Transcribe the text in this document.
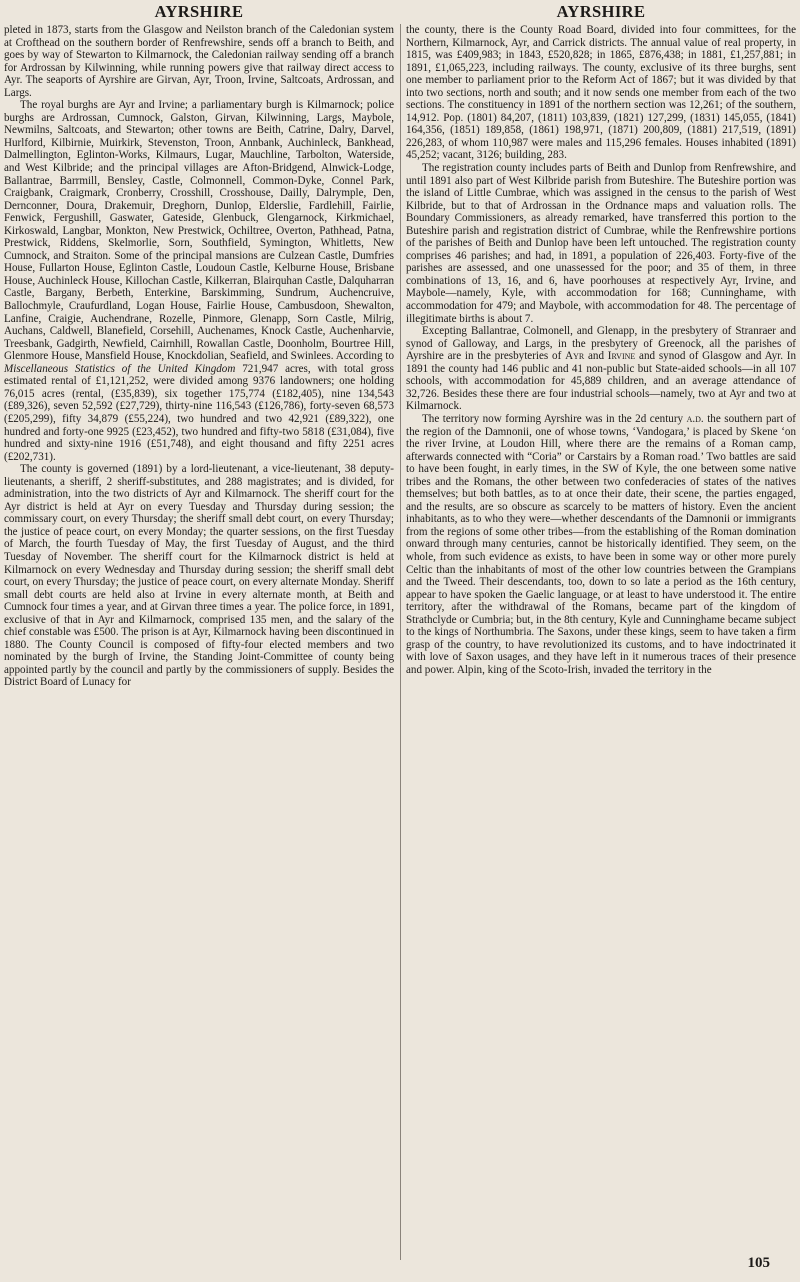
AYRSHIRE

pleted in 1873, starts from the Glasgow and Neilston branch of the Caledonian system at Crofthead on the southern border of Renfrewshire, sends off a branch to Beith, and goes by way of Stewarton to Kilmarnock, the Caledonian railway sending off a branch for Ardrossan by Kilwinning, while running powers give that railway direct access to Ayr. The seaports of Ayrshire are Girvan, Ayr, Troon, Irvine, Saltcoats, Ardrossan, and Largs.

The royal burghs are Ayr and Irvine; a parliamentary burgh is Kilmarnock; police burghs are Ardrossan, Cumnock, Galston, Girvan, Kilwinning, Largs, Maybole, Newmilns, Saltcoats, and Stewarton; other towns are Beith, Catrine, Dalry, Darvel, Hurlford, Kilbirnie, Muirkirk, Stevenston, Troon, Annbank, Auchinleck, Bankhead, Dalmellington, Eglinton-Works, Kilmaurs, Lugar, Mauchline, Tarbolton, Waterside, and West Kilbride; and the principal villages are Afton-Bridgend, Alnwick-Lodge, Ballantrae, Barrmill, Bensley, Castle, Colmonnell, Common-Dyke, Connel Park, Craigbank, Craigmark, Cronberry, Crosshill, Crosshouse, Dailly, Dalrymple, Den, Dernconner, Doura, Drakemuir, Dreghorn, Dunlop, Elderslie, Fardlehill, Fairlie, Fenwick, Fergushill, Gaswater, Gateside, Glenbuck, Glengarnock, Kirkmichael, Kirkoswald, Langbar, Monkton, New Prestwick, Ochiltree, Overton, Pathhead, Patna, Prestwick, Riddens, Skelmorlie, Sorn, Southfield, Symington, Whitletts, New Cumnock, and Straiton. Some of the principal mansions are Culzean Castle, Dumfries House, Fullarton House, Eglinton Castle, Loudoun Castle, Kelburne House, Brisbane House, Auchinleck House, Killochan Castle, Kilkerran, Blairquhan Castle, Dalquharran Castle, Bargany, Berbeth, Enterkine, Barskimming, Sundrum, Auchencruive, Ballochmyle, Craufurdland, Logan House, Fairlie House, Cambusdoon, Shewalton, Lanfine, Craigie, Auchendrane, Rozelle, Pinmore, Glenapp, Sorn Castle, Milrig, Auchans, Caldwell, Blanefield, Corsehill, Auchenames, Knock Castle, Auchenharvie, Treesbank, Gadgirth, Newfield, Cairnhill, Rowallan Castle, Doonholm, Bourtree Hill, Glenmore House, Mansfield House, Knockdolian, Seafield, and Swinlees. According to Miscellaneous Statistics of the United Kingdom 721,947 acres, with total gross estimated rental of £1,121,252, were divided among 9376 landowners; one holding 76,015 acres (rental, (£35,839), six together 175,774 (£182,405), nine 134,543 (£89,326), seven 52,592 (£27,729), thirty-nine 116,543 (£126,786), forty-seven 68,573 (£205,299), fifty 34,879 (£55,224), two hundred and two 42,921 (£89,322), one hundred and forty-one 9925 (£23,452), two hundred and fifty-two 5818 (£31,084), five hundred and sixty-nine 1916 (£51,748), and eight thousand and fifty 2251 acres (£202,731).

The county is governed (1891) by a lord-lieutenant, a vice-lieutenant, 38 deputy-lieutenants, a sheriff, 2 sheriff-substitutes, and 288 magistrates; and is divided, for administration, into the two districts of Ayr and Kilmarnock. The sheriff court for the Ayr district is held at Ayr on every Tuesday and Thursday during session; the commissary court, on every Thursday; the sheriff small debt court, on every Thursday; the justice of peace court, on every Monday; the quarter sessions, on the first Tuesday of March, the fourth Tuesday of May, the first Tuesday of August, and the third Tuesday of November. The sheriff court for the Kilmarnock district is held at Kilmarnock on every Wednesday and Thursday during session; the sheriff small debt court, on every Thursday; the justice of peace court, on every alternate Monday. Sheriff small debt courts are held also at Irvine in every alternate month, at Beith and Cumnock four times a year, and at Girvan three times a year. The police force, in 1891, exclusive of that in Ayr and Kilmarnock, comprised 135 men, and the salary of the chief constable was £500. The prison is at Ayr, Kilmarnock having been discontinued in 1880. The County Council is composed of fifty-four elected members and two nominated by the burgh of Irvine, the Standing Joint-Committee of county being appointed partly by the council and partly by the commissioners of supply. Besides the District Board of Lunacy for

AYRSHIRE

the county, there is the County Road Board, divided into four committees, for the Northern, Kilmarnock, Ayr, and Carrick districts. The annual value of real property, in 1815, was £409,983; in 1843, £520,828; in 1865, £876,438; in 1881, £1,257,881; in 1891, £1,065,223, including railways. The county, exclusive of its three burghs, sent one member to parliament prior to the Reform Act of 1867; but it was divided by that into two sections, north and south; and it now sends one member from each of the two sections. The constituency in 1891 of the northern section was 12,261; of the southern, 14,912. Pop. (1801) 84,207, (1811) 103,839, (1821) 127,299, (1831) 145,055, (1841) 164,356, (1851) 189,858, (1861) 198,971, (1871) 200,809, (1881) 217,519, (1891) 226,283, of whom 110,987 were males and 115,296 females. Houses inhabited (1891) 45,252; vacant, 3126; building, 283.

The registration county includes parts of Beith and Dunlop from Renfrewshire, and until 1891 also part of West Kilbride parish from Buteshire. The Buteshire portion was the island of Little Cumbrae, which was assigned in the census to the parish of West Kilbride, but to that of Ardrossan in the Ordnance maps and valuation rolls. The Boundary Commissioners, as already remarked, have transferred this portion to the Buteshire parish and registration district of Cumbrae, while the Renfrewshire portions of the parishes of Beith and Dunlop have been left untouched. The registration county comprises 46 parishes; and had, in 1891, a population of 226,403. Forty-five of the parishes are assessed, and one unassessed for the poor; and 35 of them, in three combinations of 13, 16, and 6, have poorhouses at respectively Ayr, Irvine, and Maybole—namely, Kyle, with accommodation for 168; Cunninghame, with accommodation for 479; and Maybole, with accommodation for 48. The percentage of illegitimate births is about 7.

Excepting Ballantrae, Colmonell, and Glenapp, in the presbytery of Stranraer and synod of Galloway, and Largs, in the presbytery of Greenock, all the parishes of Ayrshire are in the presbyteries of Ayr and Irvine and synod of Glasgow and Ayr. In 1891 the county had 146 public and 41 non-public but State-aided schools—in all 107 schools, with accommodation for 45,889 children, and an average attendance of 32,726. Besides these there are four industrial schools—namely, two at Ayr and two at Kilmarnock.

The territory now forming Ayrshire was in the 2d century a.d. the southern part of the region of the Damnonii, one of whose towns, ‘Vandogara,’ is placed by Skene ‘on the river Irvine, at Loudon Hill, where there are the remains of a Roman camp, afterwards connected with “Coria” or Carstairs by a Roman road.’ Two battles are said to have been fought, in early times, in the SW of Kyle, the one between some native tribes and the Romans, the other between two confederacies of states of the natives themselves; but both battles, as to at once their date, their scene, the parties engaged, and the results, are so obscure as scarcely to be matters of history. Even the ancient inhabitants, as to who they were—whether descendants of the Damnonii or immigrants from the regions of some other tribes—from the establishing of the Roman domination onward through many centuries, cannot be historically identified. They seem, on the whole, from such evidence as exists, to have been in some way or other more purely Celtic than the inhabitants of most of the other low countries between the Grampians and the Tweed. Their descendants, too, down to so late a period as the 16th century, appear to have spoken the Gaelic language, or at least to have understood it. The entire territory, after the withdrawal of the Romans, became part of the kingdom of Strathclyde or Cumbria; but, in the 8th century, Kyle and Cunninghame became subject to the kings of Northumbria. The Saxons, under these kings, seem to have taken a firm grasp of the country, to have revolutionized its customs, and to have indoctrinated it with love of Saxon usages, and they have left in it numerous traces of their presence and power. Alpin, king of the Scoto-Irish, invaded the territory in the

105
